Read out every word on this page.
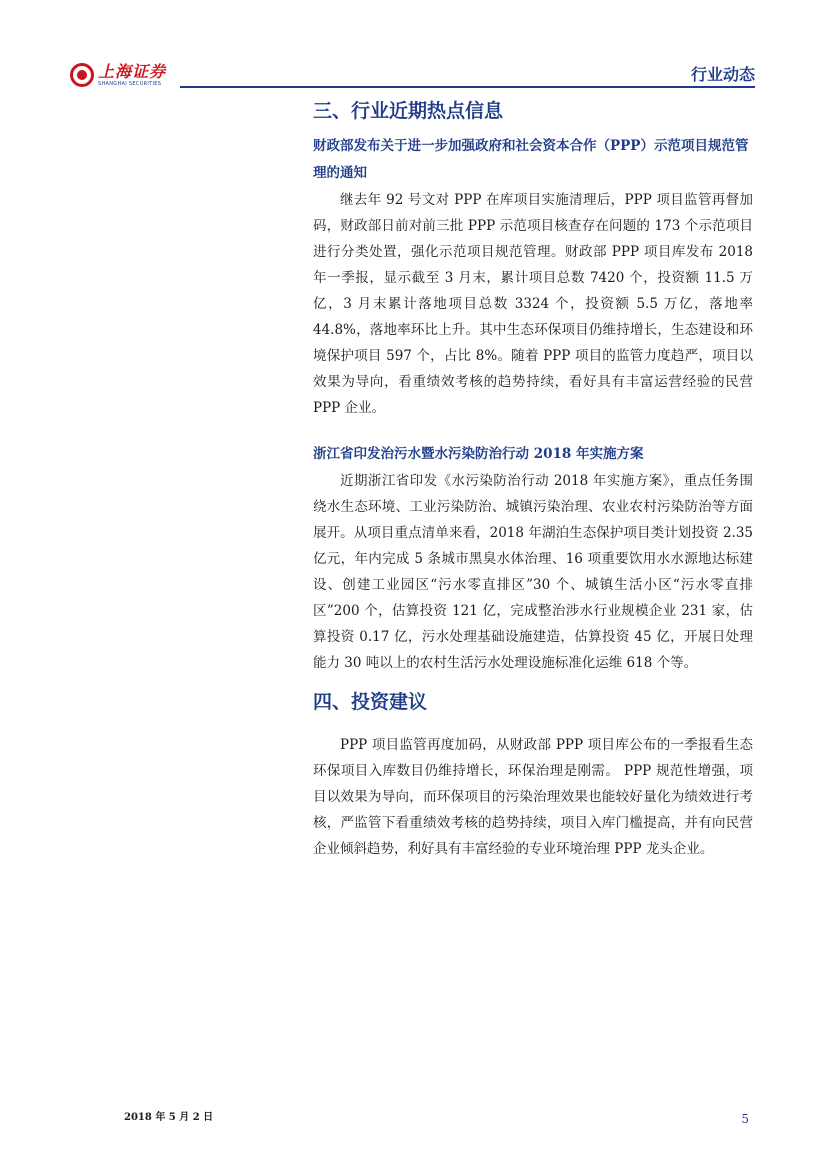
上海证券
SHANGHAI SECURITIES	行业动态
三、行业近期热点信息
财政部发布关于进一步加强政府和社会资本合作（PPP）示范项目规范管理的通知

继去年 92 号文对 PPP 在库项目实施清理后，PPP 项目监管再督加码，财政部日前对前三批 PPP 示范项目核查存在问题的 173 个示范项目进行分类处置，强化示范项目规范管理。财政部 PPP 项目库发布 2018 年一季报，显示截至 3 月末，累计项目总数 7420 个，投资额 11.5 万亿，3 月末累计落地项目总数 3324 个，投资额 5.5 万亿，落地率 44.8%，落地率环比上升。其中生态环保项目仍维持增长，生态建设和环境保护项目 597 个，占比 8%。随着 PPP 项目的监管力度趋严，项目以效果为导向，看重绩效考核的趋势持续，看好具有丰富运营经验的民营 PPP 企业。

浙江省印发治污水暨水污染防治行动 2018 年实施方案

近期浙江省印发《水污染防治行动 2018 年实施方案》，重点任务围绕水生态环境、工业污染防治、城镇污染治理、农业农村污染防治等方面展开。从项目重点清单来看，2018 年湖泊生态保护项目类计划投资 2.35 亿元，年内完成 5 条城市黑臭水体治理、16 项重要饮用水水源地达标建设、创建工业园区“污水零直排区”30 个、城镇生活小区“污水零直排区”200 个，估算投资 121 亿，完成整治涉水行业规模企业 231 家，估算投资 0.17 亿，污水处理基础设施建造，估算投资 45 亿，开展日处理能力 30 吨以上的农村生活污水处理设施标准化运维 618 个等。

四、投资建议

PPP 项目监管再度加码，从财政部 PPP 项目库公布的一季报看生态环保项目入库数目仍维持增长，环保治理是刚需。 PPP 规范性增强，项目以效果为导向，而环保项目的污染治理效果也能较好量化为绩效进行考核，严监管下看重绩效考核的趋势持续，项目入库门槛提高，并有向民营企业倾斜趋势，利好具有丰富经验的专业环境治理 PPP 龙头企业。

2018 年 5 月 2 日	5
